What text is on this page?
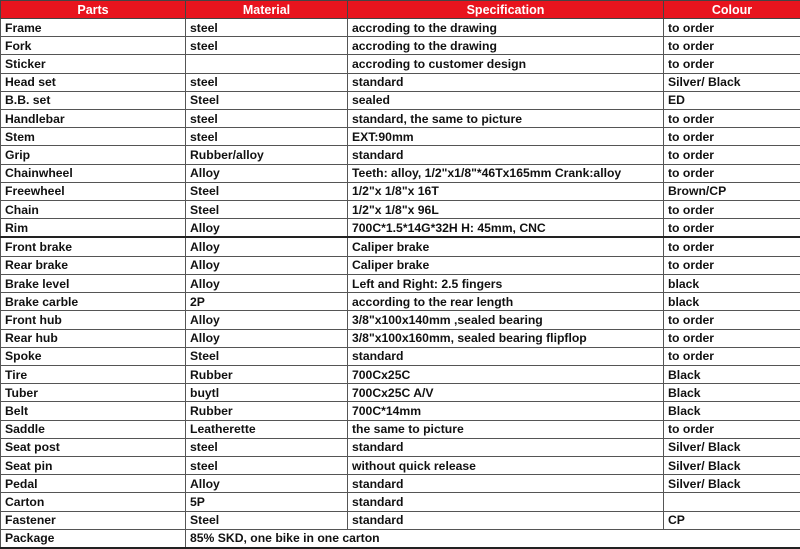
Parts	Material	Specification	Colour
Frame	steel	accroding to the drawing	to order
Fork	steel	accroding to the drawing	to order
Sticker		accroding to customer design	to order
Head set	steel	standard	Silver/ Black
B.B. set	Steel	sealed	ED
Handlebar	steel	standard, the same to picture	to order
Stem	steel	EXT:90mm	to order
Grip	Rubber/alloy	standard	to order
Chainwheel	Alloy	Teeth: alloy, 1/2"x1/8"*46Tx165mm Crank:alloy	to order
Freewheel	Steel	1/2"x 1/8"x 16T	Brown/CP
Chain	Steel	1/2"x 1/8"x 96L	to order
Rim	Alloy	700C*1.5*14G*32H H: 45mm, CNC	to order
Front brake	Alloy	Caliper brake	to order
Rear brake	Alloy	Caliper brake	to order
Brake level	Alloy	Left and Right: 2.5 fingers	black
Brake carble	2P	according to the rear length	black
Front hub	Alloy	3/8"x100x140mm ,sealed bearing	to order
Rear hub	Alloy	3/8"x100x160mm, sealed bearing flipflop	to order
Spoke	Steel	standard	to order
Tire	Rubber	700Cx25C	Black
Tuber	buytl	700Cx25C A/V	Black
Belt	Rubber	700C*14mm	Black
Saddle	Leatherette	the same to picture	to order
Seat post	steel	standard	Silver/ Black
Seat pin	steel	without quick release	Silver/ Black
Pedal	Alloy	standard	Silver/ Black
Carton	5P	standard	
Fastener	Steel	standard	CP
Package	85% SKD, one bike in one carton		
